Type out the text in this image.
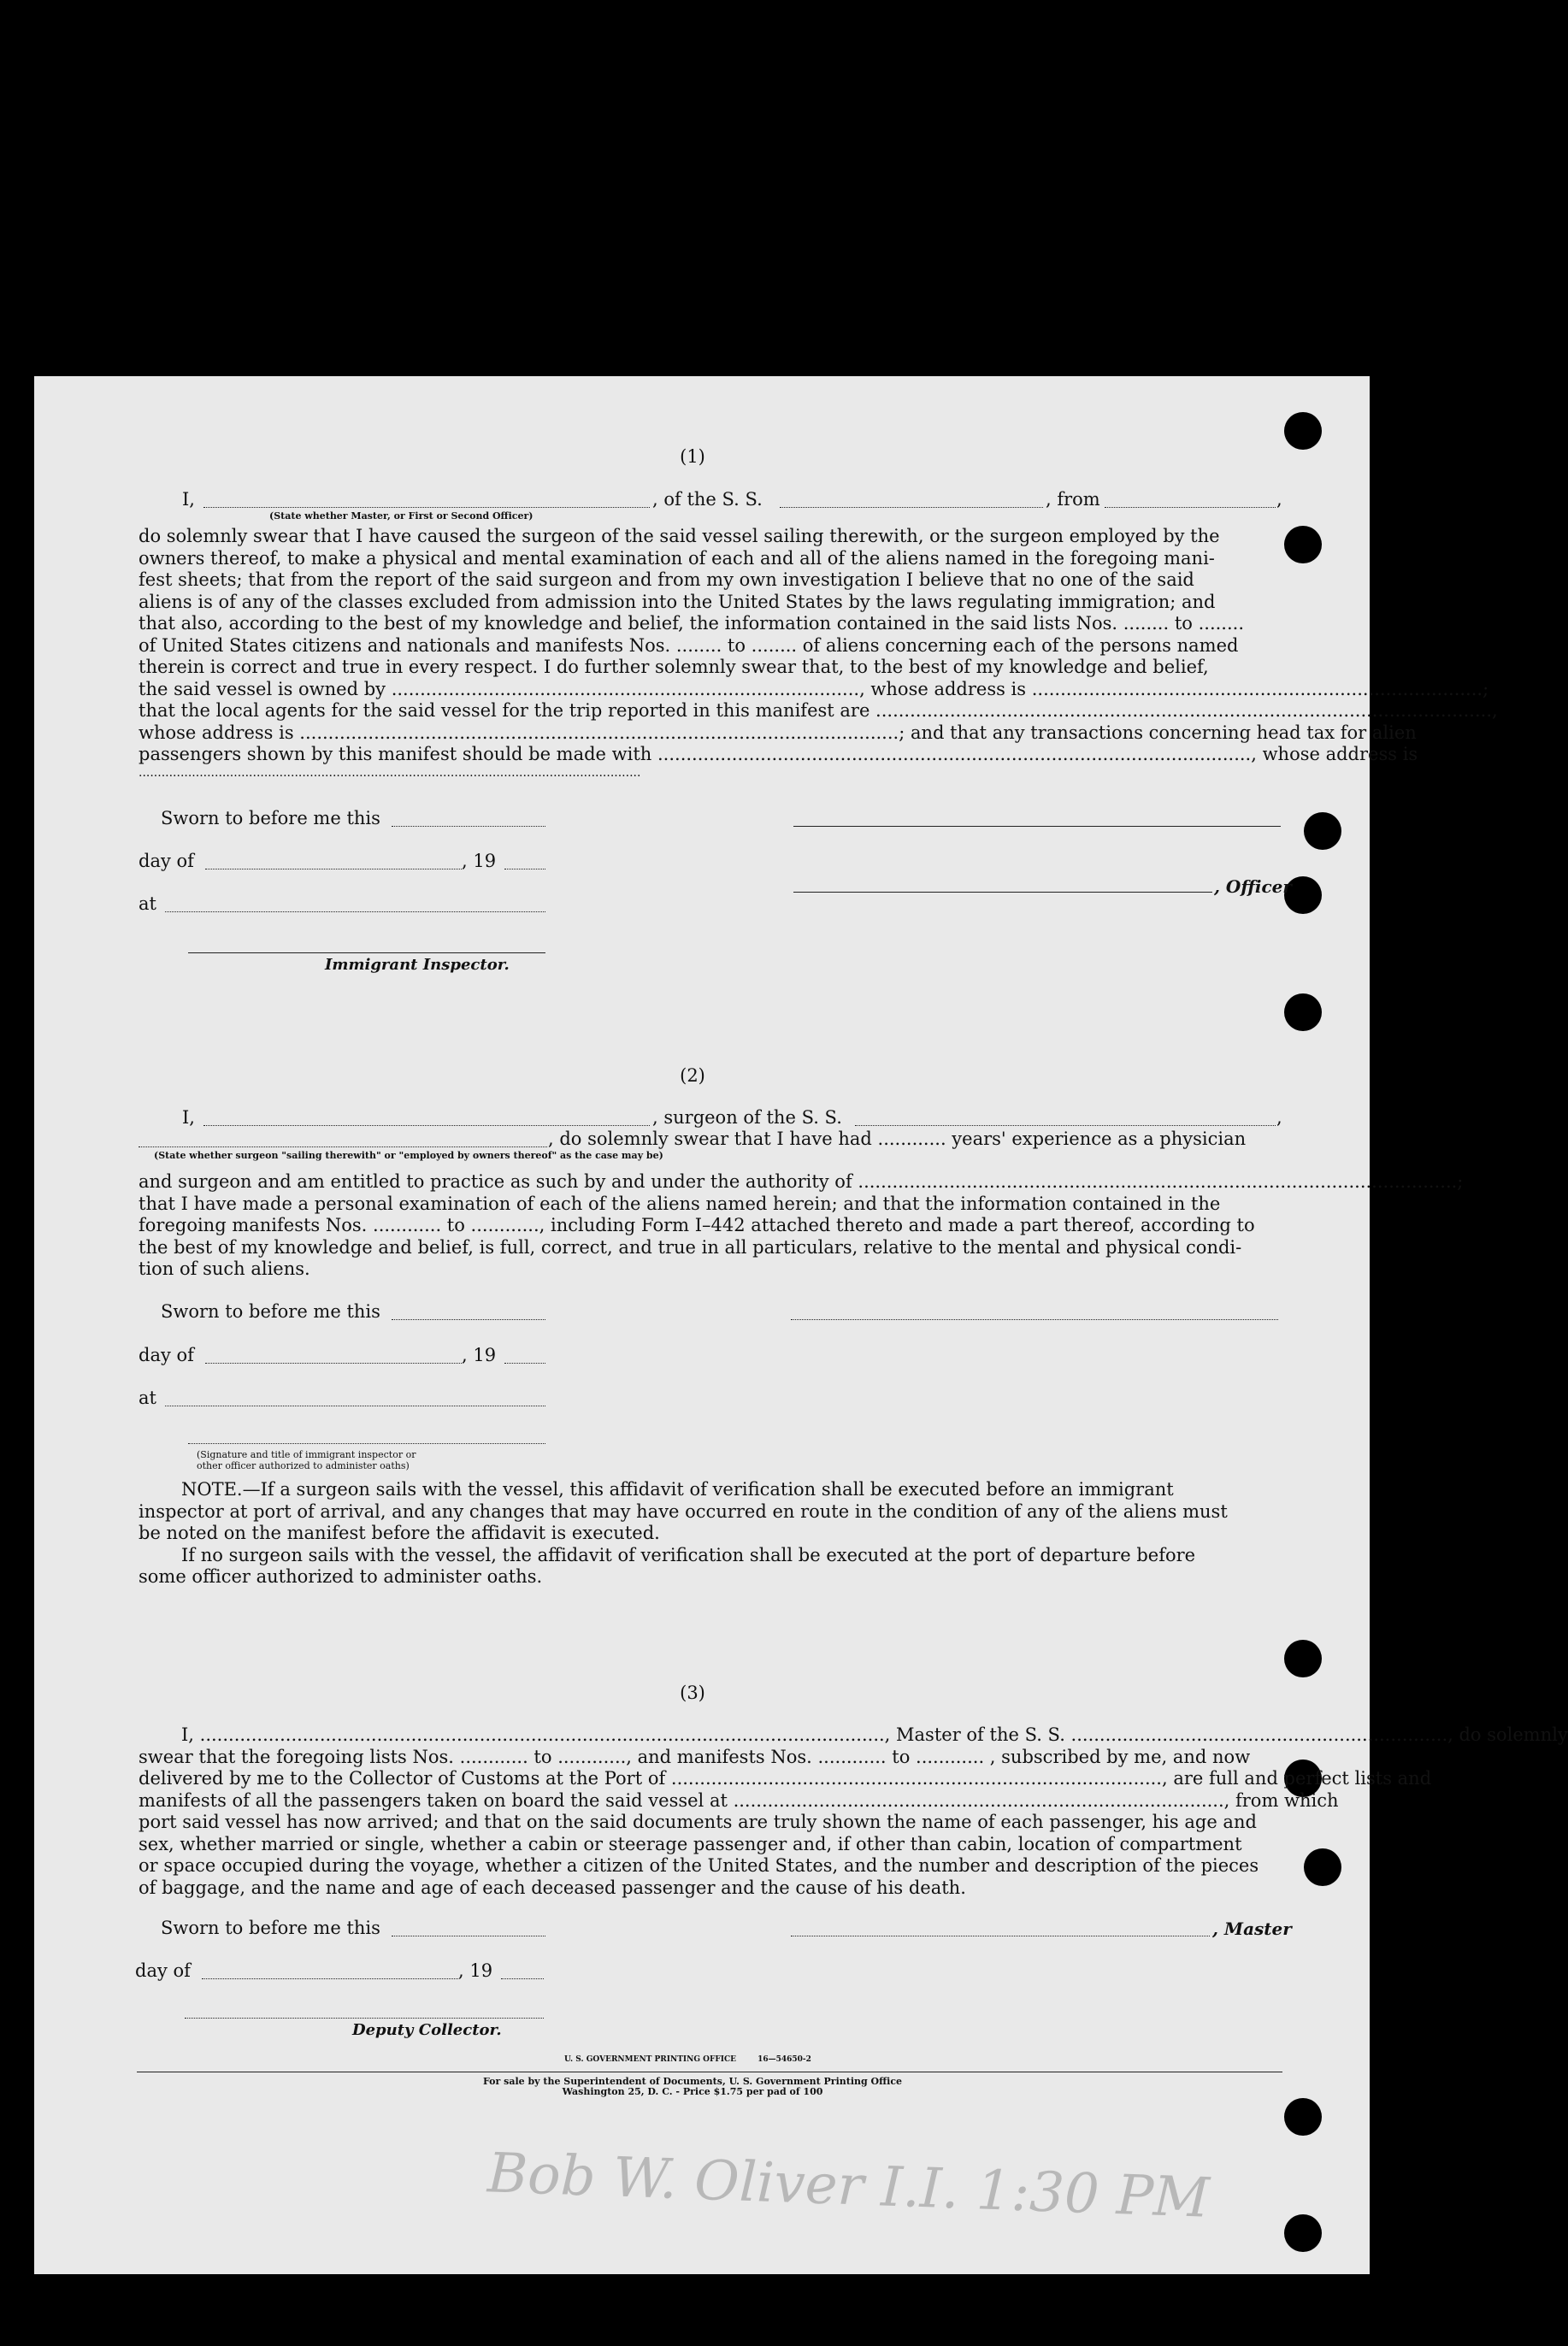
(1)
I,	, of the S. S.	, from	,
(State whether Master, or First or Second Officer)
do solemnly swear that I have caused the surgeon of the said vessel sailing therewith, or the surgeon employed by the
owners thereof, to make a physical and mental examination of each and all of the aliens named in the foregoing mani-
fest sheets; that from the report of the said surgeon and from my own investigation I believe that no one of the said
aliens is of any of the classes excluded from admission into the United States by the laws regulating immigration; and
that also, according to the best of my knowledge and belief, the information contained in the said lists Nos. ........ to ........
of United States citizens and nationals and manifests Nos. ........ to ........ of aliens concerning each of the persons named
therein is correct and true in every respect. I do further solemnly swear that, to the best of my knowledge and belief,
the said vessel is owned by .................................................................................., whose address is ...............................................................................;
that the local agents for the said vessel for the trip reported in this manifest are ............................................................................................................,
whose address is .........................................................................................................; and that any transactions concerning head tax for alien
passengers shown by this manifest should be made with ........................................................................................................, whose address is
....................................................................................................................................
Sworn to before me this
day of	, 19
, Officer
at
Immigrant Inspector.
(2)
I,	, surgeon of the S. S.	,
, do solemnly swear that I have had ............ years' experience as a physician
(State whether surgeon "sailing therewith" or "employed by owners thereof" as the case may be)
and surgeon and am entitled to practice as such by and under the authority of .........................................................................................................;
that I have made a personal examination of each of the aliens named herein; and that the information contained in the
foregoing manifests Nos. ............ to ............, including Form I–442 attached thereto and made a part thereof, according to
the best of my knowledge and belief, is full, correct, and true in all particulars, relative to the mental and physical condi-
tion of such aliens.
Sworn to before me this
day of	, 19
at
(Signature and title of immigrant inspector or
other officer authorized to administer oaths)
NOTE.—If a surgeon sails with the vessel, this affidavit of verification shall be executed before an immigrant
inspector at port of arrival, and any changes that may have occurred en route in the condition of any of the aliens must
be noted on the manifest before the affidavit is executed.
If no surgeon sails with the vessel, the affidavit of verification shall be executed at the port of departure before
some officer authorized to administer oaths.
(3)
I, ........................................................................................................................, Master of the S. S. .................................................................., do solemnly
swear that the foregoing lists Nos. ............ to ............, and manifests Nos. ............ to ............ , subscribed by me, and now
delivered by me to the Collector of Customs at the Port of ......................................................................................, are full and perfect lists and
manifests of all the passengers taken on board the said vessel at ......................................................................................, from which
port said vessel has now arrived; and that on the said documents are truly shown the name of each passenger, his age and
sex, whether married or single, whether a cabin or steerage passenger and, if other than cabin, location of compartment
or space occupied during the voyage, whether a citizen of the United States, and the number and description of the pieces
of baggage, and the name and age of each deceased passenger and the cause of his death.
Sworn to before me this	, Master
day of	, 19
Deputy Collector.
U. S. GOVERNMENT PRINTING OFFICE        16—54650-2
For sale by the Superintendent of Documents, U. S. Government Printing Office
Washington 25, D. C. - Price $1.75 per pad of 100
Bob W. Oliver I.I. 1:30 PM
